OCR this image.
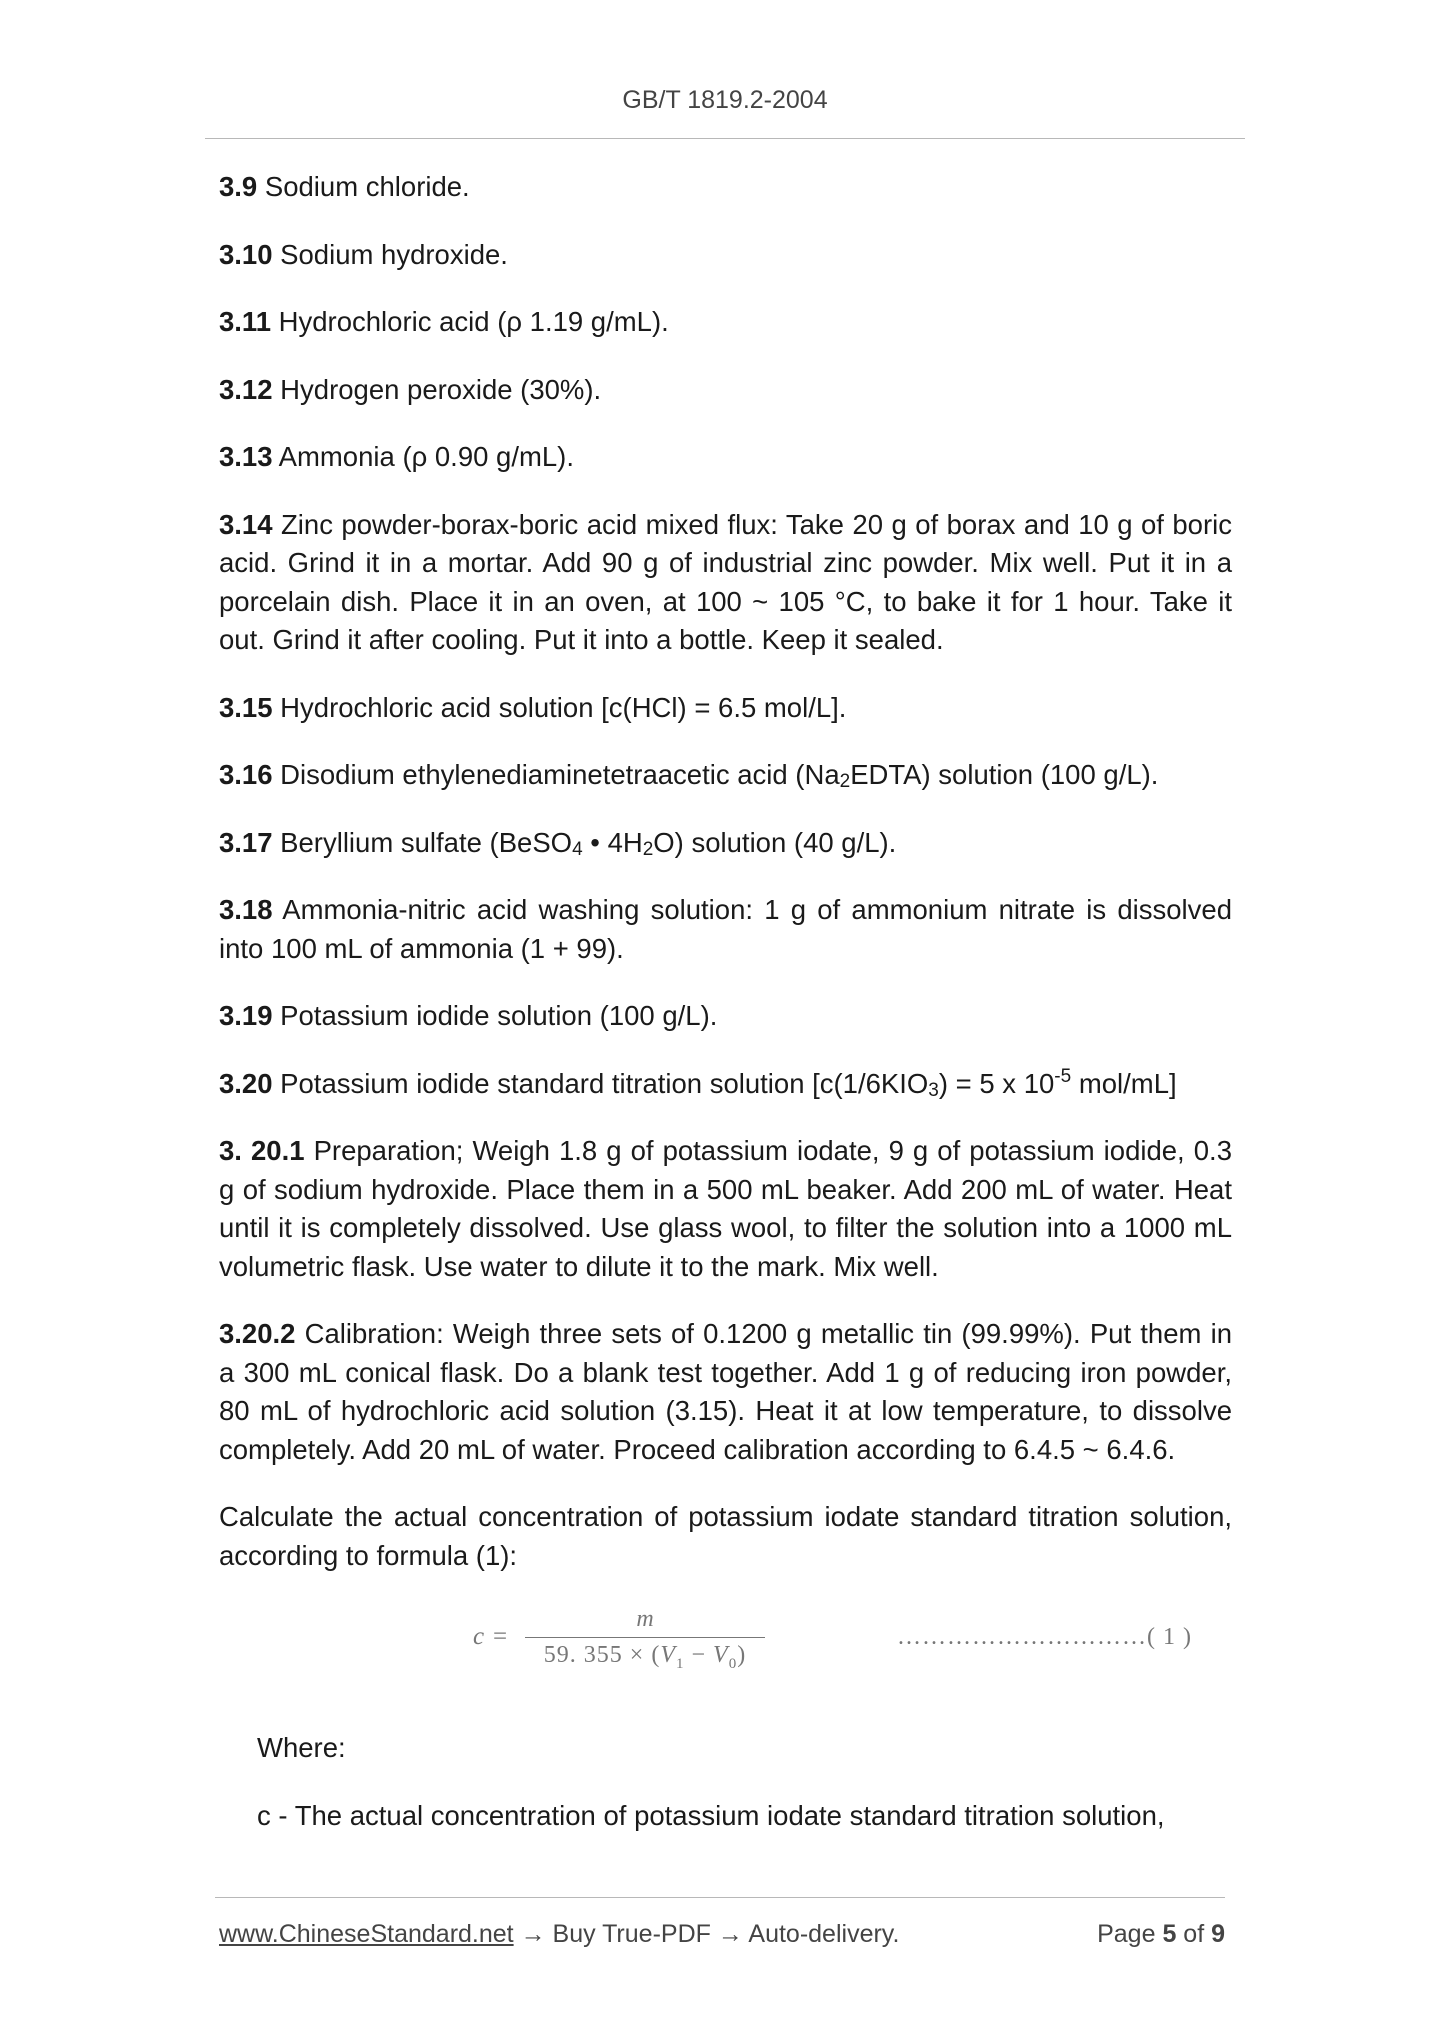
GB/T 1819.2-2004

3.9 Sodium chloride.

3.10 Sodium hydroxide.

3.11 Hydrochloric acid (ρ 1.19 g/mL).

3.12 Hydrogen peroxide (30%).

3.13 Ammonia (ρ 0.90 g/mL).

3.14 Zinc powder-borax-boric acid mixed flux: Take 20 g of borax and 10 g of boric acid. Grind it in a mortar. Add 90 g of industrial zinc powder. Mix well. Put it in a porcelain dish. Place it in an oven, at 100 ~ 105 °C, to bake it for 1 hour. Take it out. Grind it after cooling. Put it into a bottle. Keep it sealed.

3.15 Hydrochloric acid solution [c(HCl) = 6.5 mol/L].

3.16 Disodium ethylenediaminetetraacetic acid $(Na_2EDTA)$ solution (100 g/L).

3.17 Beryllium sulfate (BeSO$_4$ • $4H_2O$) solution (40 g/L).

3.18 Ammonia-nitric acid washing solution: 1 g of ammonium nitrate is dissolved into 100 mL of ammonia (1 + 99).

3.19 Potassium iodide solution (100 g/L).

3.20 Potassium iodide standard titration solution [$c(1/6KIO_3) = 5$ x $10^{-5}$ mol/mL]

3. 20.1 Preparation; Weigh 1.8 g of potassium iodate, 9 g of potassium iodide, 0.3 g of sodium hydroxide. Place them in a 500 mL beaker. Add 200 mL of water. Heat until it is completely dissolved. Use glass wool, to filter the solution into a 1000 mL volumetric flask. Use water to dilute it to the mark. Mix well.

3.20.2 Calibration: Weigh three sets of 0.1200 g metallic tin (99.99%). Put them in a 300 mL conical flask. Do a blank test together. Add 1 g of reducing iron powder, 80 mL of hydrochloric acid solution (3.15). Heat it at low temperature, to dissolve completely. Add 20 mL of water. Proceed calibration according to 6.4.5 ~ 6.4.6.

Calculate the actual concentration of potassium iodate standard titration solution, according to formula (1):

c =
m
59. $355 \times (V_1 - V_0)$
…………………………( 1 )

Where:

c - The actual concentration of potassium iodate standard titration solution,

www.ChineseStandard.net → Buy True-PDF → Auto-delivery.	Page 5 of 9
